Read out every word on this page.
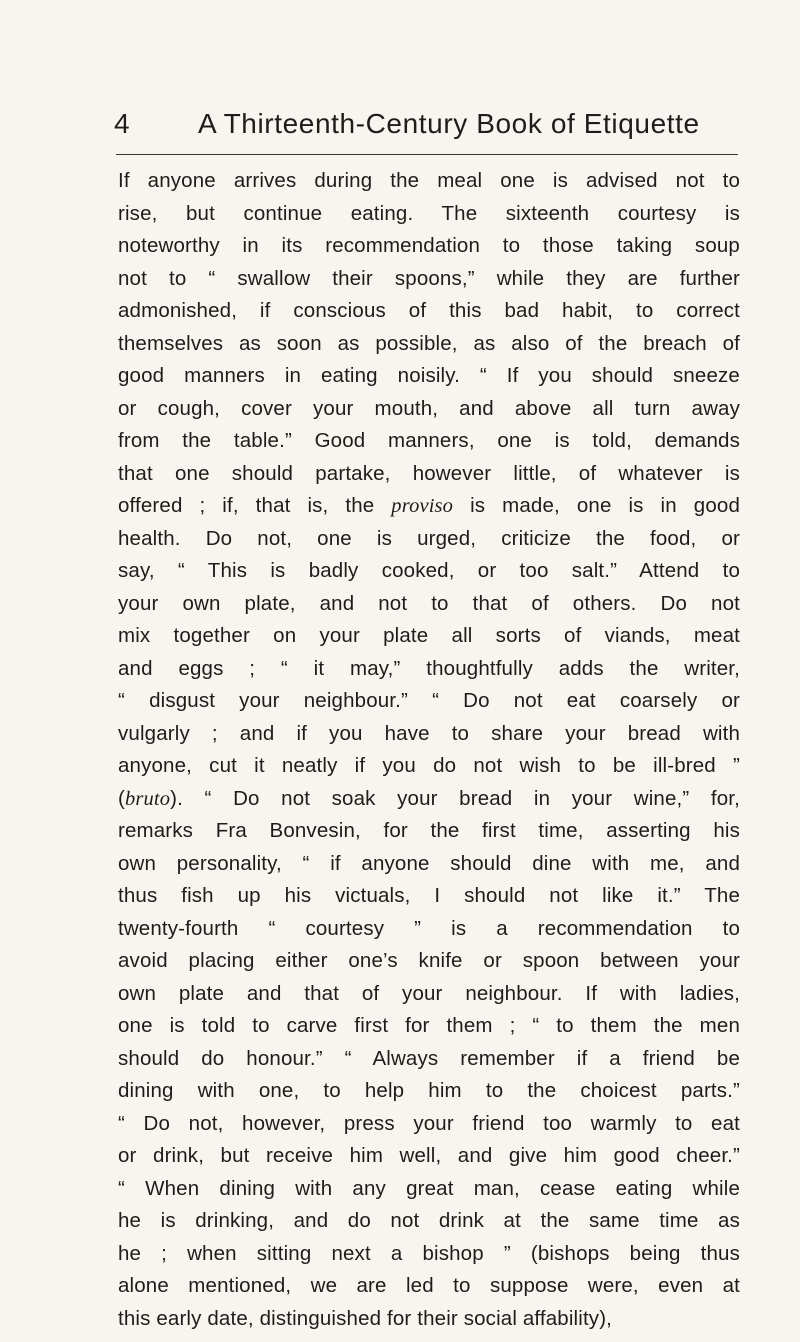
4 A Thirteenth-Century Book of Etiquette
If anyone arrives during the meal one is advised not to
rise, but continue eating. The sixteenth courtesy is
noteworthy in its recommendation to those taking soup
not to “ swallow their spoons,” while they are further
admonished, if conscious of this bad habit, to correct
themselves as soon as possible, as also of the breach of
good manners in eating noisily. “ If you should sneeze
or cough, cover your mouth, and above all turn away
from the table.” Good manners, one is told, demands
that one should partake, however little, of whatever is
offered ; if, that is, the proviso is made, one is in good
health. Do not, one is urged, criticize the food, or
say, “ This is badly cooked, or too salt.” Attend to
your own plate, and not to that of others. Do not
mix together on your plate all sorts of viands, meat
and eggs ; “ it may,” thoughtfully adds the writer,
“ disgust your neighbour.” “ Do not eat coarsely or
vulgarly ; and if you have to share your bread with
anyone, cut it neatly if you do not wish to be ill-bred ”
(bruto). “ Do not soak your bread in your wine,” for,
remarks Fra Bonvesin, for the first time, asserting his
own personality, “ if anyone should dine with me, and
thus fish up his victuals, I should not like it.” The
twenty-fourth “ courtesy ” is a recommendation to
avoid placing either one’s knife or spoon between your
own plate and that of your neighbour. If with ladies,
one is told to carve first for them ; “ to them the men
should do honour.” “ Always remember if a friend be
dining with one, to help him to the choicest parts.”
“ Do not, however, press your friend too warmly to eat
or drink, but receive him well, and give him good cheer.”
“ When dining with any great man, cease eating while
he is drinking, and do not drink at the same time as
he ; when sitting next a bishop ” (bishops being thus
alone mentioned, we are led to suppose were, even at
this early date, distinguished for their social affability),
